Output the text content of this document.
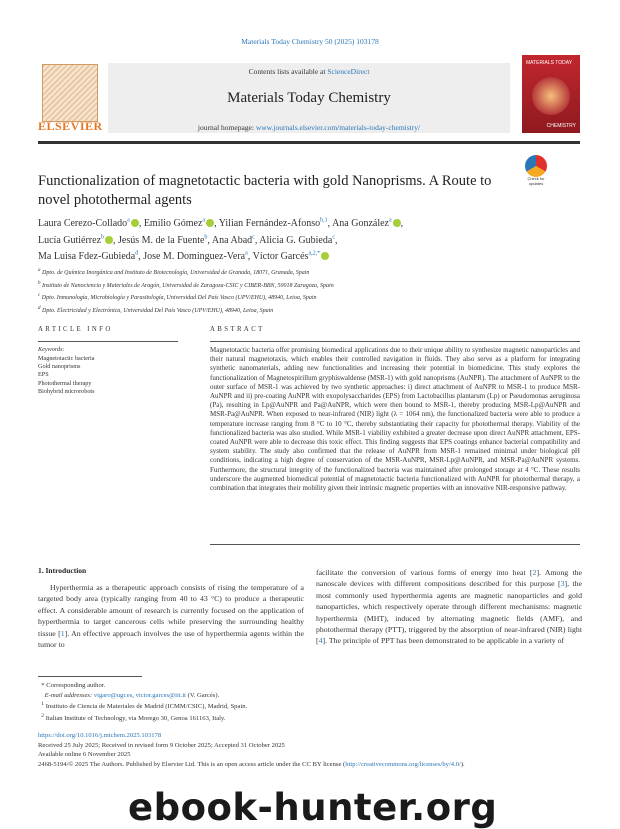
Materials Today Chemistry 50 (2025) 103178
ELSEVIER
Contents lists available at ScienceDirect
Materials Today Chemistry
journal homepage: www.journals.elsevier.com/materials-today-chemistry/
MATERIALS TODAY
CHEMISTRY
Functionalization of magnetotactic bacteria with gold Nanoprisms. A Route to novel photothermal agents
Check for updates
Laura Cerezo-Collado$^a$ , Emilio Gómez$^a$ , Yilian Fernández-Afonso$^{b,1}$, Ana González$^a$ ,
Lucía Gutiérrez$^b$ , Jesús M. de la Fuente$^b$, Ana Abad$^c$, Alicia G. Gubieda$^c$,
Ma Luisa Fdez-Gubieda$^d$, Jose M. Dominguez-Vera$^a$, Víctor Garcés$^{a,2,*}$
$^a$ Dpto. de Química Inorgánica and Instituto de Biotecnología, Universidad de Granada, 18071, Granada, Spain
$^b$ Instituto de Nanociencia y Materiales de Aragón, Universidad de Zaragoza-CSIC y CIBER-BBN, 50018 Zaragoza, Spain
$^c$ Dpto. Inmunología, Microbiología y Parasitología, Universidad Del País Vasco (UPV/EHU), 48940, Leioa, Spain
$^d$ Dpto. Electricidad y Electrónica, Universidad Del País Vasco (UPV/EHU), 48940, Leioa, Spain
ARTICLE INFO
Keywords:
Magnetotactic bacteria
Gold nanoprisms
EPS
Photothermal therapy
Biohybrid microrobots
ABSTRACT

Magnetotactic bacteria offer promising biomedical applications due to their unique ability to synthesize magnetic nanoparticles and their natural magnetotaxis, which enables their controlled navigation in fluids. They also serve as a platform for integrating synthetic nanomaterials, adding new functionalities and increasing their potential in biomedicine. This study explores the functionalization of Magnetospirillum gryphiswaldense (MSR-1) with gold nanoprisms (AuNPR). The attachment of AuNPR to the outer surface of MSR-1 was achieved by two synthetic approaches: i) direct attachment of AuNPR to MSR-1 to produce MSR-AuNPR and ii) pre-coating AuNPR with exopolysaccharides (EPS) from Lactobacillus plantarum (Lp) or Pseudomonas aeruginosa (Pa), resulting in Lp@AuNPR and Pa@AuNPR, which were then bound to MSR-1, thereby producing MSR-Lp@AuNPR and MSR-Pa@AuNPR. When exposed to near-infrared (NIR) light (λ = 1064 nm), the functionalized bacteria were able to produce a temperature increase ranging from 8 °C to 10 °C, thereby substantiating their capacity for photothermal therapy. Viability of the functionalized bacteria was also studied. While MSR-1 viability exhibited a greater decrease upon direct AuNPR attachment, EPS-coated AuNPR were able to decrease this toxic effect. This finding suggests that EPS coatings enhance bacterial compatibility and system stability. The study also confirmed that the release of AuNPR from MSR-1 remained minimal under biological pH conditions, indicating a high degree of conservation of the MSR-AuNPR, MSR-Lp@AuNPR, and MSR-Pa@AuNPR systems. Furthermore, the structural integrity of the functionalized bacteria was maintained after prolonged storage at 4 °C. These results underscore the augmented biomedical potential of magnetotactic bacteria functionalized with AuNPR for photothermal therapy, a combination that integrates their mobility given their intrinsic magnetic properties with an innovative NIR-responsive pathway.

1. Introduction

Hyperthermia as a therapeutic approach consists of rising the temperature of a targeted body area (typically ranging from 40 to 43 °C) to produce a therapeutic effect. A considerable amount of research is currently focused on the application of hyperthermia to target cancerous cells while preserving the surrounding healthy tissue [1]. An effective approach involves the use of hyperthermia agents within the tumor to

facilitate the conversion of various forms of energy into heat [2]. Among the nanoscale devices with different compositions described for this purpose [3], the most commonly used hyperthermia agents are magnetic nanoparticles and gold nanoparticles, which respectively operate through different mechanisms: magnetic hyperthermia (MHT), induced by alternating magnetic fields (AMF), and photothermal therapy (PTT), triggered by the absorption of near-infrared (NIR) light [4]. The principle of PPT has been demonstrated to be applicable in a variety of

* Corresponding author.
E-mail addresses: vigaro@ugr.es, victor.garces@iit.it (V. Garcés).
$^1$ Instituto de Ciencia de Materiales de Madrid (ICMM/CSIC), Madrid, Spain.
$^2$ Italian Institute of Technology, via Morego 30, Genoa 161163, Italy.
https://doi.org/10.1016/j.mtchem.2025.103178
Received 25 July 2025; Received in revised form 9 October 2025; Accepted 31 October 2025
Available online 6 November 2025
2468-5194/© 2025 The Authors. Published by Elsevier Ltd. This is an open access article under the CC BY license (http://creativecommons.org/licenses/by/4.0/).
ebook-hunter.org
